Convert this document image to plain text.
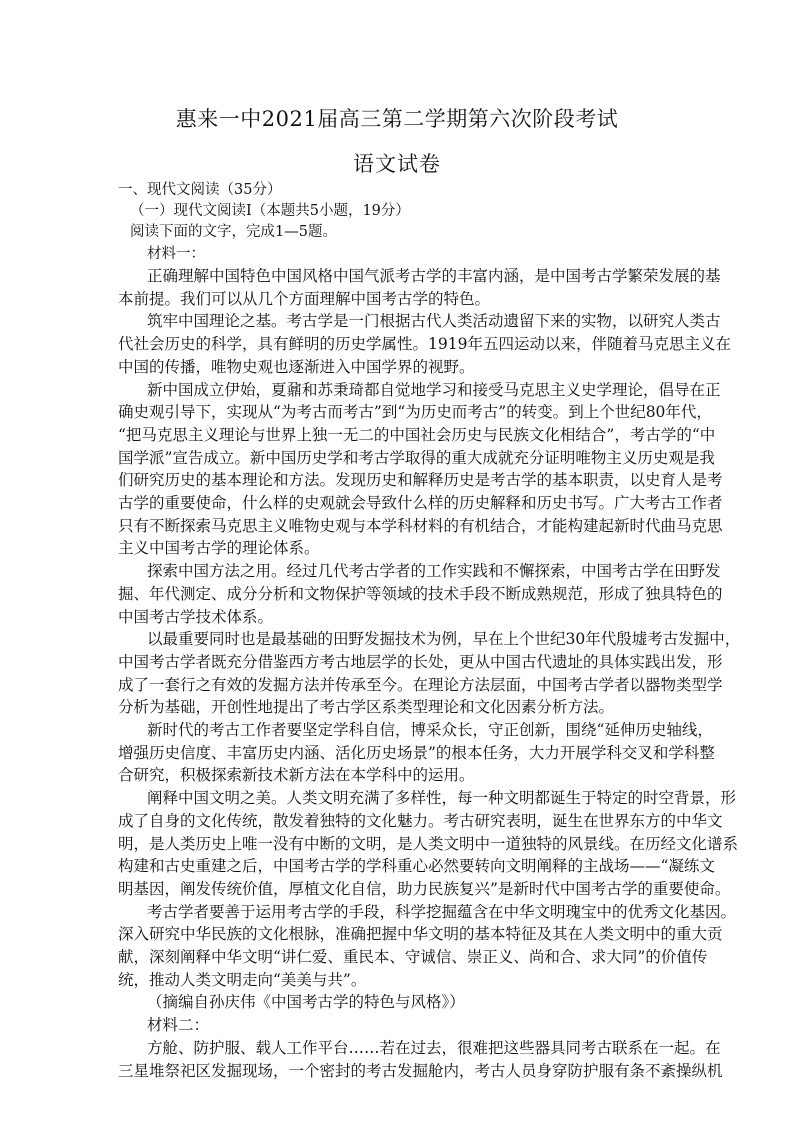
惠来一中2021届高三第二学期第六次阶段考试
语文试卷
一、现代文阅读（35分）
（一）现代文阅读Ⅰ（本题共5小题，19分）
阅读下面的文字，完成1—5题。
材料一：
正确理解中国特色中国风格中国气派考古学的丰富内涵，是中国考古学繁荣发展的基
本前提。我们可以从几个方面理解中国考古学的特色。
筑牢中国理论之基。考古学是一门根据古代人类活动遗留下来的实物，以研究人类古
代社会历史的科学，具有鲜明的历史学属性。1919年五四运动以来，伴随着马克思主义在
中国的传播，唯物史观也逐渐进入中国学界的视野。
新中国成立伊始，夏鼐和苏秉琦都自觉地学习和接受马克思主义史学理论，倡导在正
确史观引导下，实现从“为考古而考古”到“为历史而考古”的转变。到上个世纪80年代，
“把马克思主义理论与世界上独一无二的中国社会历史与民族文化相结合”，考古学的“中
国学派”宣告成立。新中国历史学和考古学取得的重大成就充分证明唯物主义历史观是我
们研究历史的基本理论和方法。发现历史和解释历史是考古学的基本职责，以史育人是考
古学的重要使命，什么样的史观就会导致什么样的历史解释和历史书写。广大考古工作者
只有不断探索马克思主义唯物史观与本学科材料的有机结合，才能构建起新时代曲马克思
主义中国考古学的理论体系。
探索中国方法之用。经过几代考古学者的工作实践和不懈探索，中国考古学在田野发
掘、年代测定、成分分析和文物保护等领域的技术手段不断成熟规范，形成了独具特色的
中国考古学技术体系。
以最重要同时也是最基础的田野发掘技术为例，早在上个世纪30年代殷墟考古发掘中，
中国考古学者既充分借鉴西方考古地层学的长处，更从中国古代遗址的具体实践出发，形
成了一套行之有效的发掘方法并传承至今。在理论方法层面，中国考古学者以器物类型学
分析为基础，开创性地提出了考古学区系类型理论和文化因素分析方法。
新时代的考古工作者要坚定学科自信，博采众长，守正创新，围绕“延伸历史轴线，
增强历史信度、丰富历史内涵、活化历史场景”的根本任务，大力开展学科交叉和学科整
合研究，积极探索新技术新方法在本学科中的运用。
阐释中国文明之美。人类文明充满了多样性，每一种文明都诞生于特定的时空背景，形
成了自身的文化传统，散发着独特的文化魅力。考古研究表明，诞生在世界东方的中华文
明，是人类历史上唯一没有中断的文明，是人类文明中一道独特的风景线。在历经文化谱系
构建和古史重建之后，中国考古学的学科重心必然要转向文明阐释的主战场——“凝练文
明基因，阐发传统价值，厚植文化自信，助力民族复兴”是新时代中国考古学的重要使命。
考古学者要善于运用考古学的手段，科学挖掘蕴含在中华文明瑰宝中的优秀文化基因。
深入研究中华民族的文化根脉，准确把握中华文明的基本特征及其在人类文明中的重大贡
献，深刻阐释中华文明“讲仁爱、重民本、守诚信、崇正义、尚和合、求大同”的价值传
统，推动人类文明走向“美美与共”。
（摘编自孙庆伟《中国考古学的特色与风格》）
材料二：
方舱、防护服、载人工作平台……若在过去，很难把这些器具同考古联系在一起。在
三星堆祭祀区发掘现场，一个密封的考古发掘舱内，考古人员身穿防护服有条不紊操纵机
